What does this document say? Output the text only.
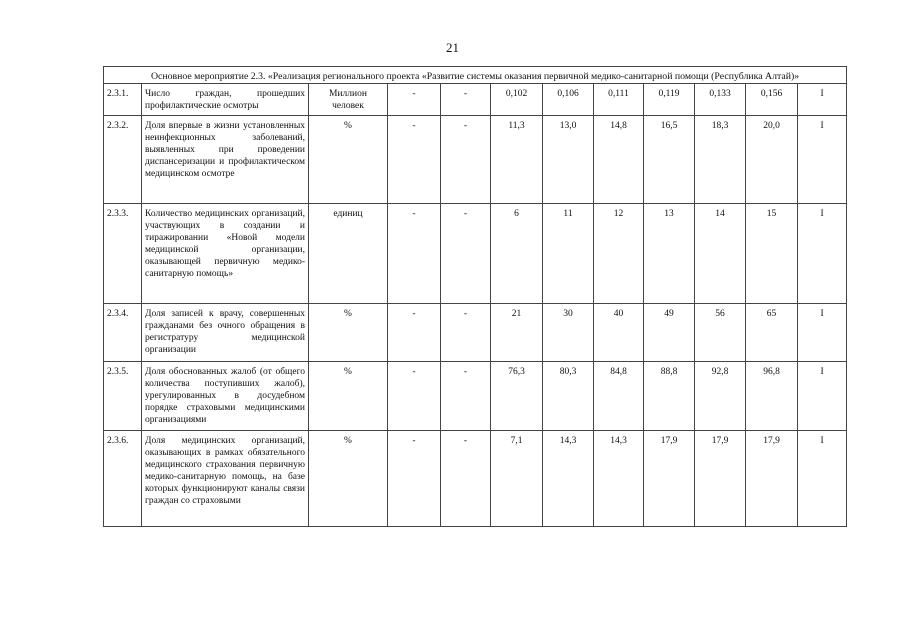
21
Основное мероприятие 2.3. «Реализация регионального проекта «Развитие системы оказания первичной медико-санитарной помощи (Республика Алтай)»											
2.3.1.	Число граждан, прошедших профилактические осмотры	Миллион человек	-	-	0,102	0,106	0,111	0,119	0,133	0,156	I
2.3.2.	Доля впервые в жизни установленных неинфекционных заболеваний, выявленных при проведении диспансеризации и профилактическом медицинском осмотре	%	-	-	11,3	13,0	14,8	16,5	18,3	20,0	I
2.3.3.	Количество медицинских организаций, участвующих в создании и тиражировании «Новой модели медицинской организации, оказывающей первичную медико-санитарную помощь»	единиц	-	-	6	11	12	13	14	15	I
2.3.4.	Доля записей к врачу, совершенных гражданами без очного обращения в регистратуру медицинской организации	%	-	-	21	30	40	49	56	65	I
2.3.5.	Доля обоснованных жалоб (от общего количества поступивших жалоб), урегулированных в досудебном порядке страховыми медицинскими организациями	%	-	-	76,3	80,3	84,8	88,8	92,8	96,8	I
2.3.6.	Доля медицинских организаций, оказывающих в рамках обязательного медицинского страхования первичную медико-санитарную помощь, на базе которых функционируют каналы связи граждан со страховыми	%	-	-	7,1	14,3	14,3	17,9	17,9	17,9	I
